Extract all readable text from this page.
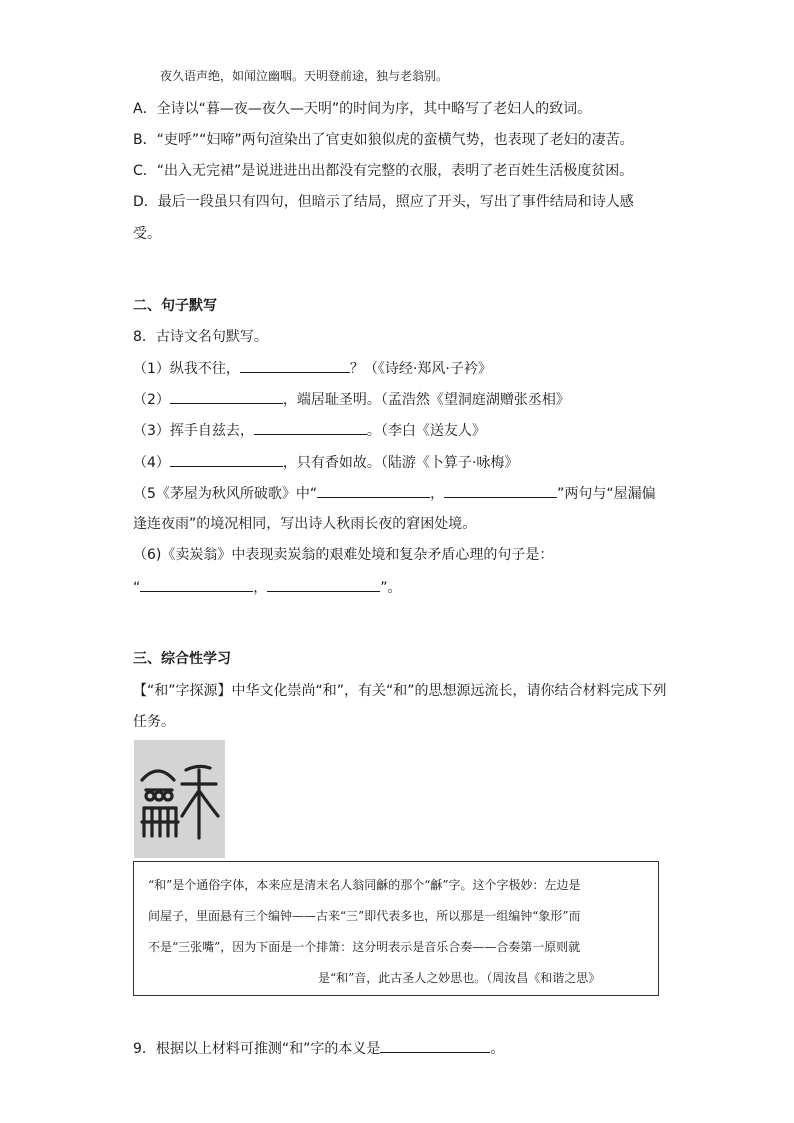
夜久语声绝，如闻泣幽咽。天明登前途，独与老翁别。
A．全诗以“暮—夜—夜久—天明”的时间为序，其中略写了老妇人的致词。
B．“吏呼”“妇啼”两句渲染出了官吏如狼似虎的蛮横气势，也表现了老妇的凄苦。
C．“出入无完裙”是说进进出出都没有完整的衣服，表明了老百姓生活极度贫困。
D．最后一段虽只有四句，但暗示了结局，照应了开头，写出了事件结局和诗人感
受。
二、句子默写
8．古诗文名句默写。
（1）纵我不往，	？（《诗经·郑风·子衿》
（2）	，端居耻圣明。（孟浩然《望洞庭湖赠张丞相》
（3）挥手自兹去，	。（李白《送友人》
（4）	，只有香如故。（陆游《卜算子·咏梅》
（5《茅屋为秋风所破歌》中“	，	”两句与“屋漏偏
逢连夜雨”的境况相同，写出诗人秋雨长夜的窘困处境。
（6)《卖炭翁》中表现卖炭翁的艰难处境和复杂矛盾心理的句子是：
“	，	”。
三、综合性学习
【“和”字探源】中华文化崇尚“和”，有关“和”的思想源远流长，请你结合材料完成下列
任务。
“和”是个通俗字体，本来应是清末名人翁同龢的那个“龢”字。这个字极妙：左边是
间屋子，里面悬有三个编钟——古来“三”即代表多也，所以那是一组编钟“象形”而
不是“三张嘴”，因为下面是一个排箫：这分明表示是音乐合奏——合奏第一原则就
是“和”音，此古圣人之妙思也。（周汝昌《和谐之思》
9．根据以上材料可推测“和”字的本义是	。
